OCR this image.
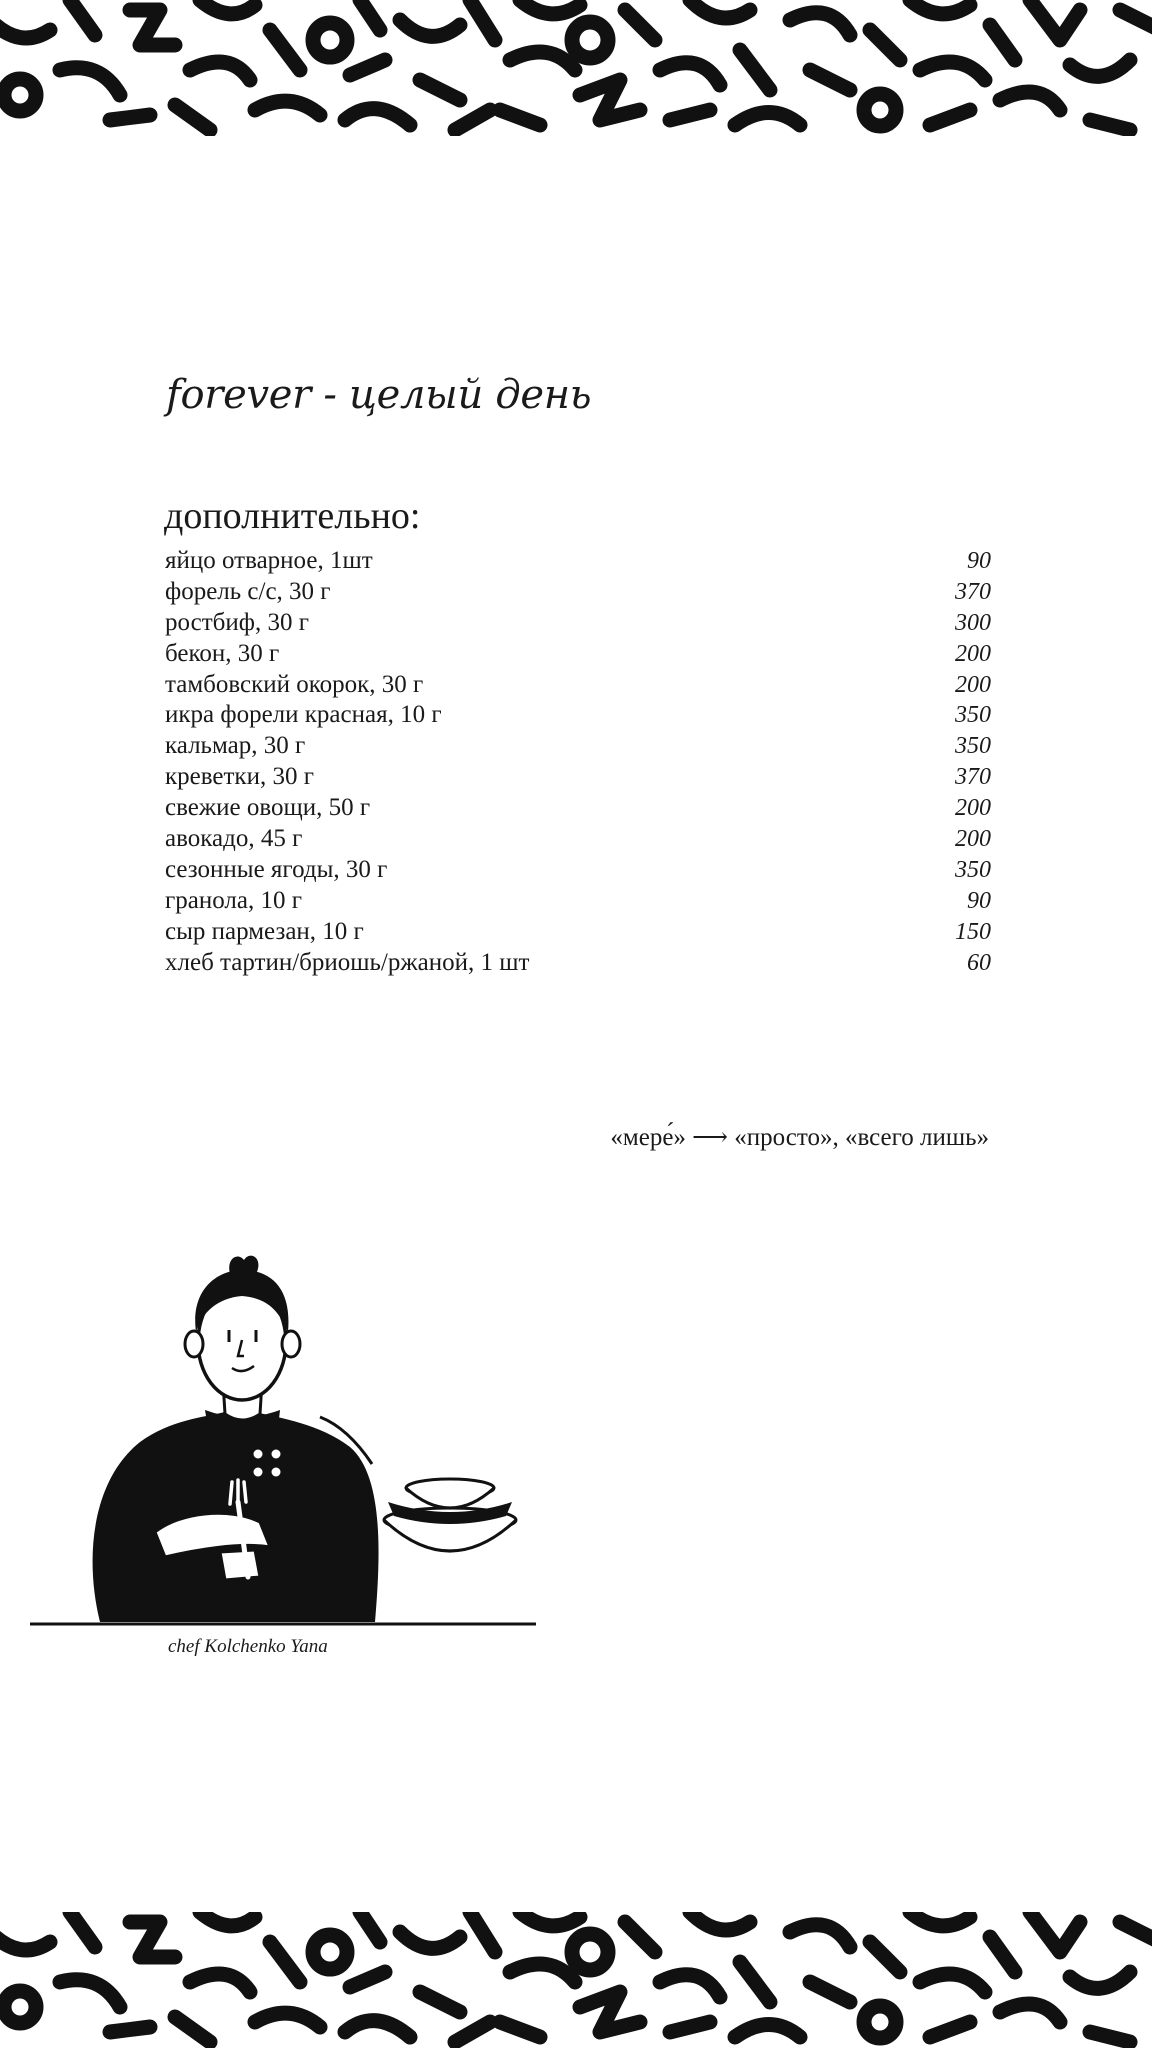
forever - целый день
дополнительно:
яйцо отварное, 1шт	90
форель с/с, 30 г	370
ростбиф, 30 г	300
бекон, 30 г	200
тамбовский окорок, 30 г	200
икра форели красная, 10 г	350
кальмар, 30 г	350
креветки, 30 г	370
свежие овощи, 50 г	200
авокадо, 45 г	200
сезонные ягоды, 30 г	350
гранола, 10 г	90
сыр пармезан, 10 г	150
хлеб тартин/бриошь/ржаной, 1 шт	60
«мере́» ⟶ «просто», «всего лишь»
chef Kolchenko Yana
